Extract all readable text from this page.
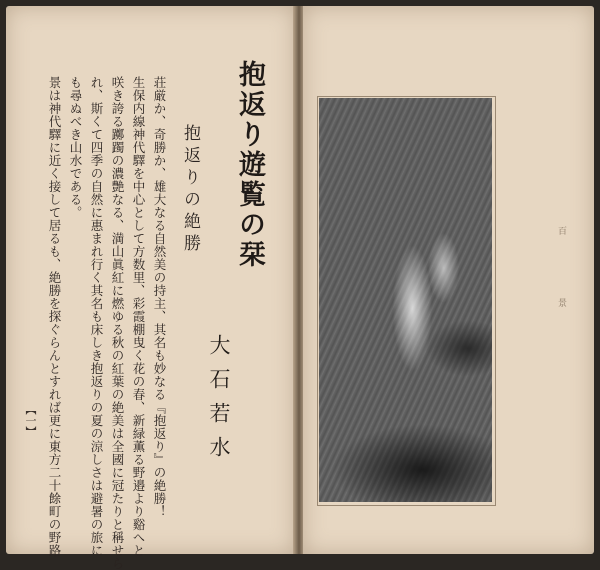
抱返り遊覧の栞
抱返りの絶勝
大石若水
荘厳か、奇勝か、雄大なる自然美の持主、其名も妙なる『抱返り』の絶勝！
生保内線神代驛を中心として方数里、彩霞棚曳く花の春、新緑薫る野邉より谿へと
咲き誇る躑躅の濃艶なる、満山眞紅に燃ゆる秋の紅葉の絶美は全國に冠たりと稱せら
れ、斯くて四季の自然に惠まれ行く其名も床しき抱返りの夏の涼しさは避暑の旅に
も尋ぬべき山水である。
景は神代驛に近く接して居るも、絶勝を探ぐらんとすれば更に東方二十餘町の野路
【一】
百
景
